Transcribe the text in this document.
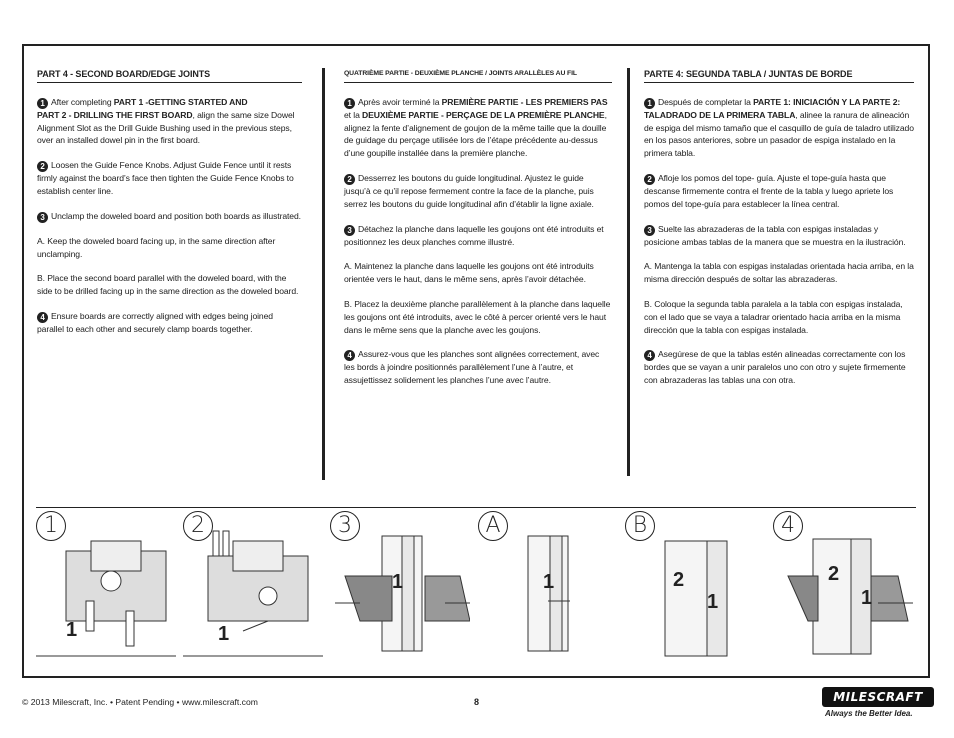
PART 4 - SECOND BOARD/EDGE JOINTS

1 After completing PART 1 -GETTING STARTED AND
PART 2 - DRILLING THE FIRST BOARD, align the same size Dowel Alignment Slot as the Drill Guide Bushing used in the previous steps, over an installed dowel pin in the first board.

2 Loosen the Guide Fence Knobs. Adjust Guide Fence until it rests firmly against the board’s face then tighten the Guide Fence Knobs to establish center line.

3 Unclamp the doweled board and position both boards as illustrated.

A. Keep the doweled board facing up, in the same direction after unclamping.

B. Place the second board parallel with the doweled board, with the side to be drilled facing up in the same direction as the doweled board.

4 Ensure boards are correctly aligned with edges being joined parallel to each other and securely clamp boards together.

QUATRIÈME PARTIE - DEUXIÈME PLANCHE / JOINTS ARALLÈLES AU FIL

1 Après avoir terminé la PREMIÈRE PARTIE - LES PREMIERS PAS et la DEUXIÈME PARTIE - PERÇAGE DE LA PREMIÈRE PLANCHE, alignez la fente d’alignement de goujon de la même taille que la douille de guidage du perçage utilisée lors de l’étape précédente au-dessus d’une goupille installée dans la première planche.

2 Desserrez les boutons du guide longitudinal. Ajustez le guide jusqu’à ce qu’il repose fermement contre la face de la planche, puis serrez les boutons du guide longitudinal afin d’établir la ligne axiale.

3 Détachez la planche dans laquelle les goujons ont été introduits et positionnez les deux planches comme illustré.

A. Maintenez la planche dans laquelle les goujons ont été introduits orientée vers le haut, dans le même sens, après l’avoir détachée.

B. Placez la deuxième planche parallèlement à la planche dans laquelle les goujons ont été introduits, avec le côté à percer orienté vers le haut dans le même sens que la planche avec les goujons.

4 Assurez-vous que les planches sont alignées correctement, avec les bords à joindre positionnés parallèlement l’une à l’autre, et assujettissez solidement les planches l’une avec l’autre.

PARTE 4: SEGUNDA TABLA / JUNTAS DE BORDE

1 Después de completar la PARTE 1: INICIACIÓN Y LA PARTE 2: TALADRADO DE LA PRIMERA TABLA, alinee la ranura de alineación de espiga del mismo tamaño que el casquillo de guía de taladro utilizado en los pasos anteriores, sobre un pasador de espiga instalado en la primera tabla.

2 Afloje los pomos del tope- guía. Ajuste el tope-guía hasta que descanse firmemente contra el frente de la tabla y luego apriete los pomos del tope-guía para establecer la línea central.

3 Suelte las abrazaderas de la tabla con espigas instaladas y posicione ambas tablas de la manera que se muestra en la ilustración.

A. Mantenga la tabla con espigas instaladas orientada hacia arriba, en la misma dirección después de soltar las abrazaderas.

B. Coloque la segunda tabla paralela a la tabla con espigas instalada, con el lado que se vaya a taladrar orientado hacia arriba en la misma dirección que la tabla con espigas instalada.

4 Asegúrese de que la tablas estén alineadas correctamente con los bordes que se vayan a unir paralelos uno con otro y sujete firmemente con abrazaderas las tablas una con otra.

1
1
2
1
3
1
A
1
B
2
1
4
2
1
© 2013 Milescraft, Inc. • Patent Pending • www.milescraft.com	8	MILESCRAFT
Always the Better Idea.
